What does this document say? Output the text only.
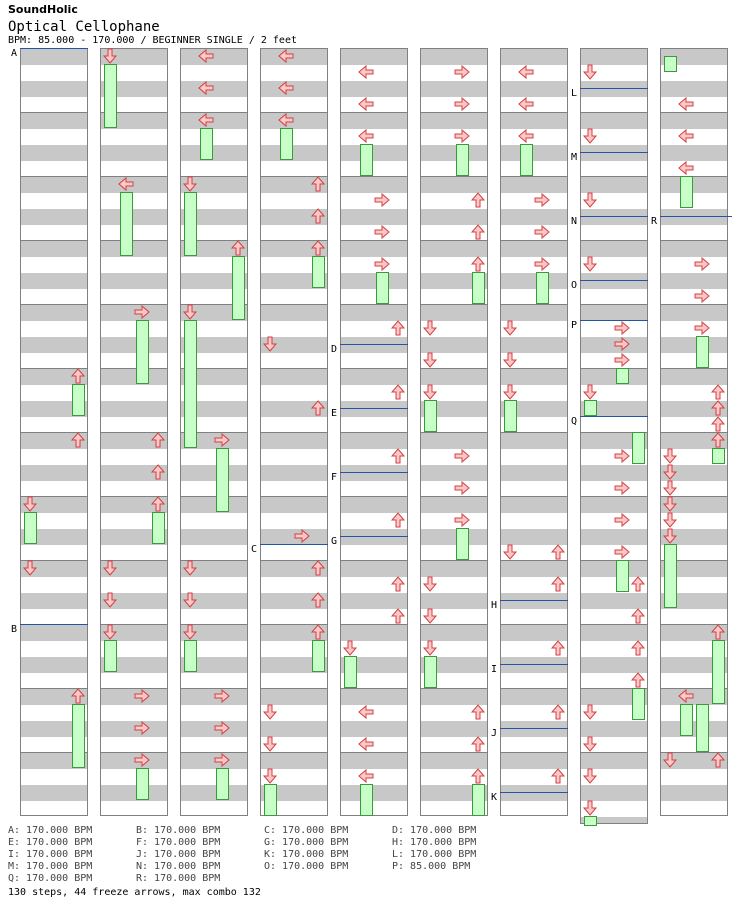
SoundHolic
Optical Cellophane
BPM: 85.000 - 170.000 / BEGINNER SINGLE / 2 feet
A
B
C
D
E
F
G
H
I
J
K
L
M
N
O
P
Q
R
A: 170.000 BPM
E: 170.000 BPM
I: 170.000 BPM
M: 170.000 BPM
Q: 170.000 BPM
B: 170.000 BPM
F: 170.000 BPM
J: 170.000 BPM
N: 170.000 BPM
R: 170.000 BPM
C: 170.000 BPM
G: 170.000 BPM
K: 170.000 BPM
O: 170.000 BPM
D: 170.000 BPM
H: 170.000 BPM
L: 170.000 BPM
P: 85.000 BPM
130 steps, 44 freeze arrows, max combo 132
